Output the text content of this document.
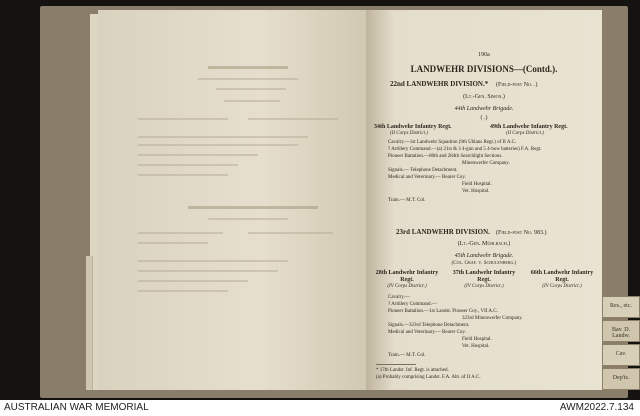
190a
LANDWEHR DIVISIONS—(Contd.).
22nd LANDWEHR DIVISION.* (Field-post No. .)
(Lt.-Gen. Simon.)
44th Landwehr Brigade.
( .)
34th Landwehr Infantry Regt.
(II Corps District.)
49th Landwehr Infantry Regt.
(II Corps District.)
Cavalry.—1st Landwehr Squadron (9th Uhlans Regt.) of II A.C.
? Artillery Command.—(a) 21st & 3 4-gun and 5 4-how batteries) F.A. Regt.
Pioneer Battalion.—80th and 284th Searchlight Sections.
Minenwerfer Company.
Signals.— Telephone Detachment.
Medical and Veterinary.— Bearer Coy.
Field Hospital.
Vet. Hospital.
Train.— M.T. Col.
23rd LANDWEHR DIVISION. (Field-post No. 983.)
(Lt.-Gen. Mühlbach.)
45th Landwehr Brigade.
(Col. Graf. v. Schulenberg.)
28th Landwehr Infantry
Regt.
(IV Corps District.)
37th Landwehr Infantry
Regt.
(IV Corps District.)
66th Landwehr Infantry
Regt.
(IV Corps District.)
Cavalry.—
? Artillery Command.—
Pioneer Battalion.—1st Landst. Pioneer Coy., VII A.C.
323rd Minenwerfer Company.
Signals.—323rd Telephone Detachment.
Medical and Veterinary.— Bearer Coy.
Field Hospital.
Vet. Hospital.
Train.— M.T. Col.
* 17th Landst. Inf. Regt. is attached.
(a) Probably comprising Landst. F.A. Abt. of II A.C.
Res., etc.
Bav. D. Landw.
Cav.
Dep'ts.
AUSTRALIAN WAR MEMORIAL	AWM2022.7.134
